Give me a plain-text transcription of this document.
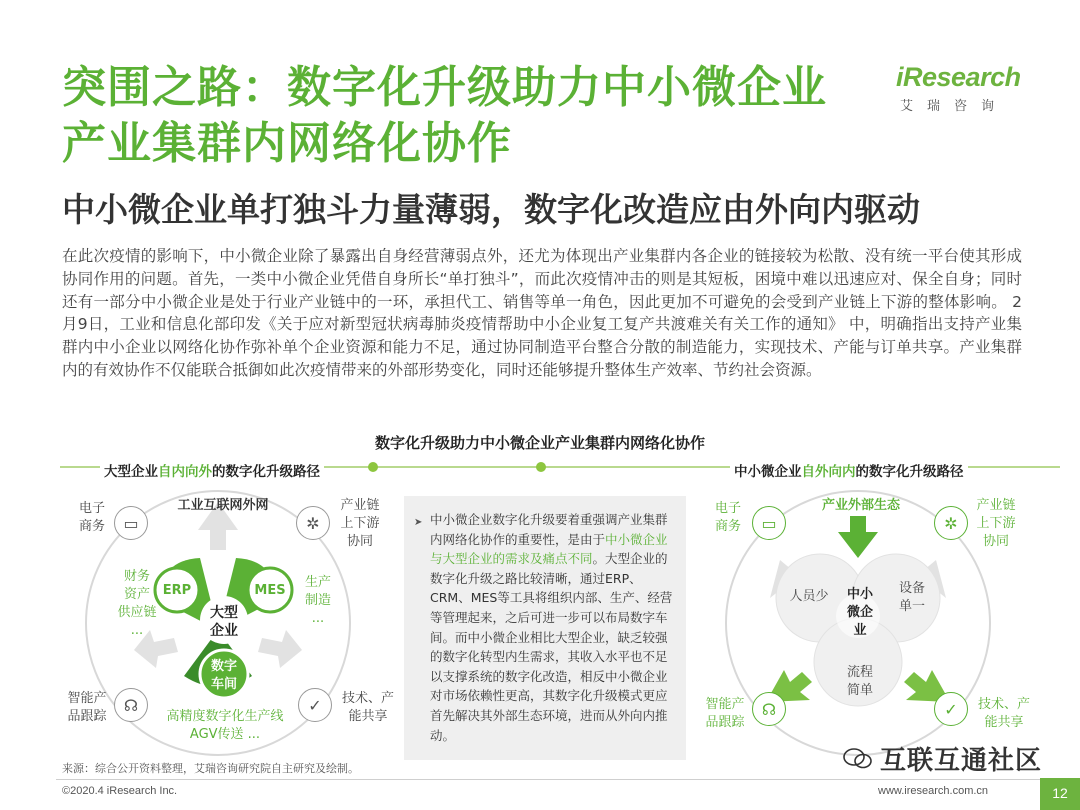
突围之路：数字化升级助力中小微企业
产业集群内网络化协作
iResearch
艾瑞咨询
中小微企业单打独斗力量薄弱，数字化改造应由外向内驱动
在此次疫情的影响下，中小微企业除了暴露出自身经营薄弱点外，还尤为体现出产业集群内各企业的链接较为松散、没有统一平台使其形成协同作用的问题。首先，一类中小微企业凭借自身所长“单打独斗”，而此次疫情冲击的则是其短板，困境中难以迅速应对、保全自身；同时还有一部分中小微企业是处于行业产业链中的一环，承担代工、销售等单一角色，因此更加不可避免的会受到产业链上下游的整体影响。 2月9日，工业和信息化部印发《关于应对新型冠状病毒肺炎疫情帮助中小企业复工复产共渡难关有关工作的通知》 中，明确指出支持产业集群内中小企业以网络化协作弥补单个企业资源和能力不足，通过协同制造平台整合分散的制造能力，实现技术、产能与订单共享。产业集群内的有效协作不仅能联合抵御如此次疫情带来的外部形势变化，同时还能够提升整体生产效率、节约社会资源。
数字化升级助力中小微企业产业集群内网络化协作
大型企业自内向外的数字化升级路径	中小微企业自外向内的数字化升级路径
ERP	MES
大型
企业
数字
车间
工业互联网外网
电子
商务	▭	✲
产业链
上下游
协同
财务
资产
供应链
...
生产
制造
...
智能产
品跟踪
☊	✓	技术、产
能共享
高精度数字化生产线
AGV传送 ...
➤ 中小微企业数字化升级要着重强调产业集群内网络化协作的重要性，是由于中小微企业与大型企业的需求及痛点不同。大型企业的数字化升级之路比较清晰，通过ERP、CRM、MES等工具将组织内部、生产、经营等管理起来，之后可进一步可以布局数字车间。而中小微企业相比大型企业，缺乏较强的数字化转型内生需求，其收入水平也不足以支撑系统的数字化改造，相反中小微企业对市场依赖性更高，其数字化升级模式更应首先解决其外部生态环境，进而从外向内推动。
产业外部生态
人员少
设备
单一
流程
简单
中小
微企
业
电子
商务	▭	✲
产业链
上下游
协同
智能产
品跟踪
☊	✓	技术、产
能共享
来源：综合公开资料整理，艾瑞咨询研究院自主研究及绘制。
©2020.4 iResearch Inc.	www.iresearch.com.cn	12
互联互通社区
